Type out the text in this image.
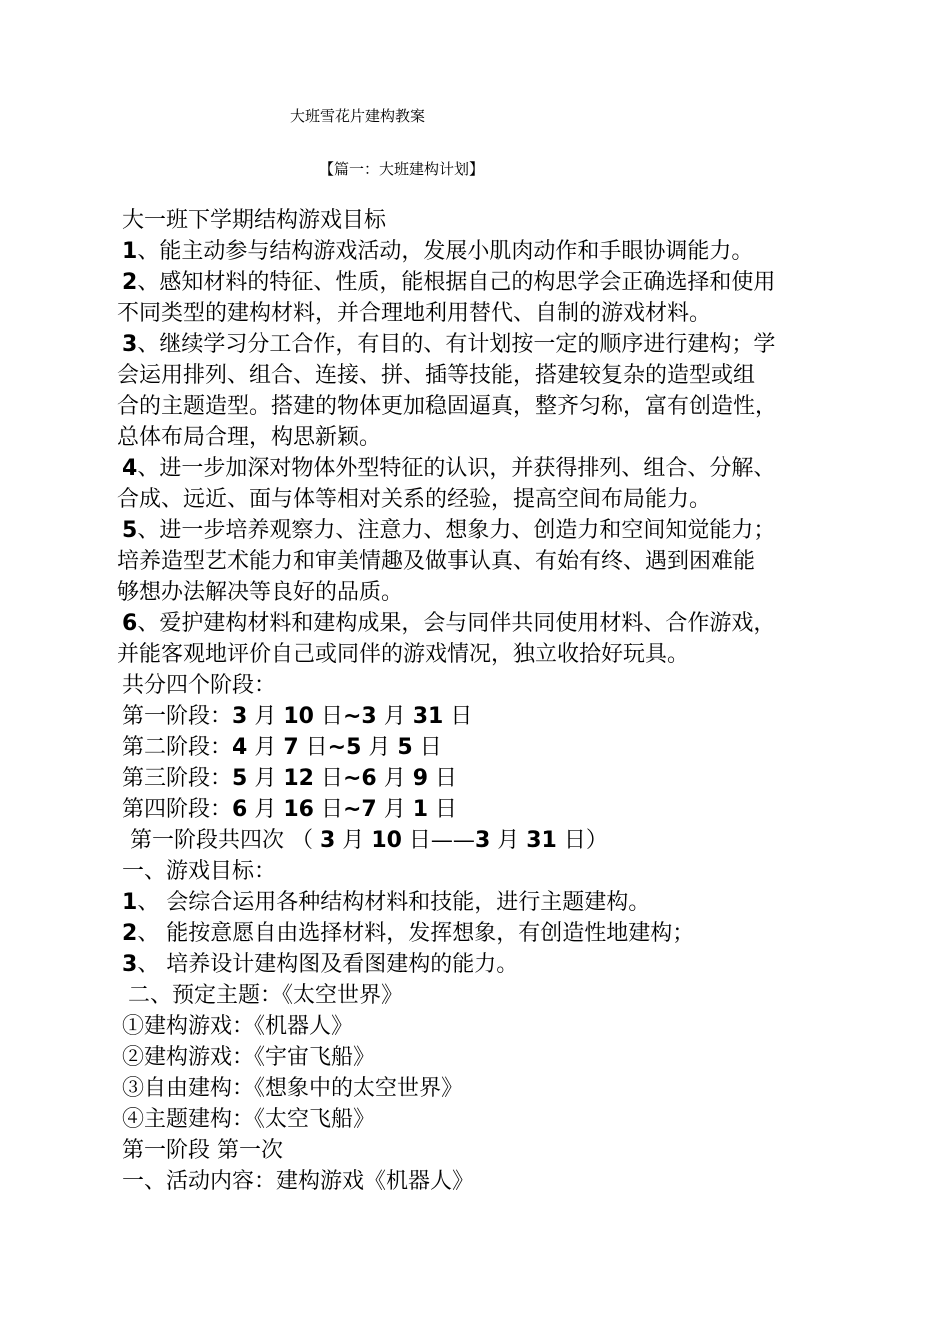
大班雪花片建构教案
【篇一：大班建构计划】
大一班下学期结构游戏目标
1、能主动参与结构游戏活动，发展小肌肉动作和手眼协调能力。
2、感知材料的特征、性质，能根据自己的构思学会正确选择和使用
不同类型的建构材料，并合理地利用替代、自制的游戏材料。
3、继续学习分工合作，有目的、有计划按一定的顺序进行建构；学
会运用排列、组合、连接、拼、插等技能，搭建较复杂的造型或组
合的主题造型。搭建的物体更加稳固逼真，整齐匀称，富有创造性，
总体布局合理，构思新颖。
4、进一步加深对物体外型特征的认识，并获得排列、组合、分解、
合成、远近、面与体等相对关系的经验，提高空间布局能力。
5、进一步培养观察力、注意力、想象力、创造力和空间知觉能力；
培养造型艺术能力和审美情趣及做事认真、有始有终、遇到困难能
够想办法解决等良好的品质。
6、爱护建构材料和建构成果，会与同伴共同使用材料、合作游戏，
并能客观地评价自己或同伴的游戏情况，独立收拾好玩具。
共分四个阶段：
第一阶段：3 月 10 日~3 月 31 日
第二阶段：4 月 7 日~5 月 5 日
第三阶段：5 月 12 日~6 月 9 日
第四阶段：6 月 16 日~7 月 1 日
第一阶段共四次 （ 3 月 10 日——3 月 31 日）
一、游戏目标：
1、 会综合运用各种结构材料和技能，进行主题建构。
2、 能按意愿自由选择材料，发挥想象，有创造性地建构；
3、 培养设计建构图及看图建构的能力。
二、预定主题：《太空世界》
①建构游戏：《机器人》
②建构游戏：《宇宙飞船》
③自由建构：《想象中的太空世界》
④主题建构：《太空飞船》
第一阶段 第一次
一、活动内容：建构游戏《机器人》
